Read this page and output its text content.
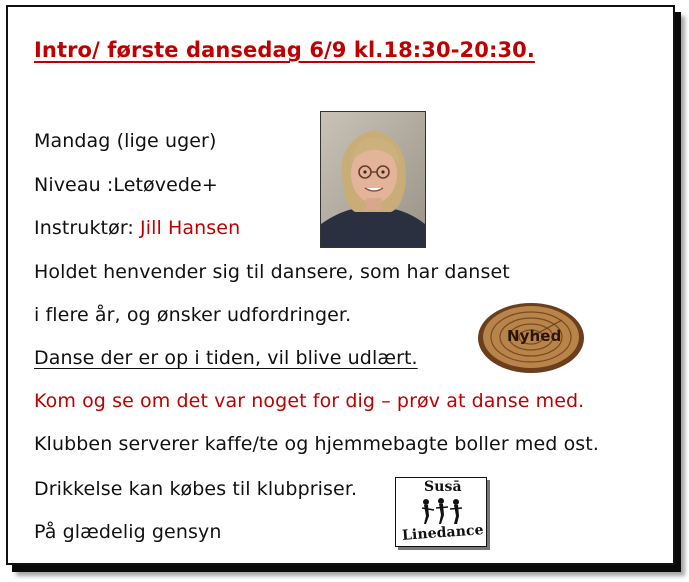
Intro/ første dansedag 6/9 kl.18:30-20:30.
Mandag (lige uger)
Niveau :Letøvede+
Instruktør: Jill Hansen
Holdet henvender sig til dansere, som har danset
i flere år, og ønsker udfordringer.
Danse der er op i tiden, vil blive udlært.
Kom og se om det var noget for dig – prøv at danse med.
Klubben serverer kaffe/te og hjemmebagte boller med ost.
Drikkelse kan købes til klubpriser.
På glædelig gensyn
Nyhed
Susā
Linedance
